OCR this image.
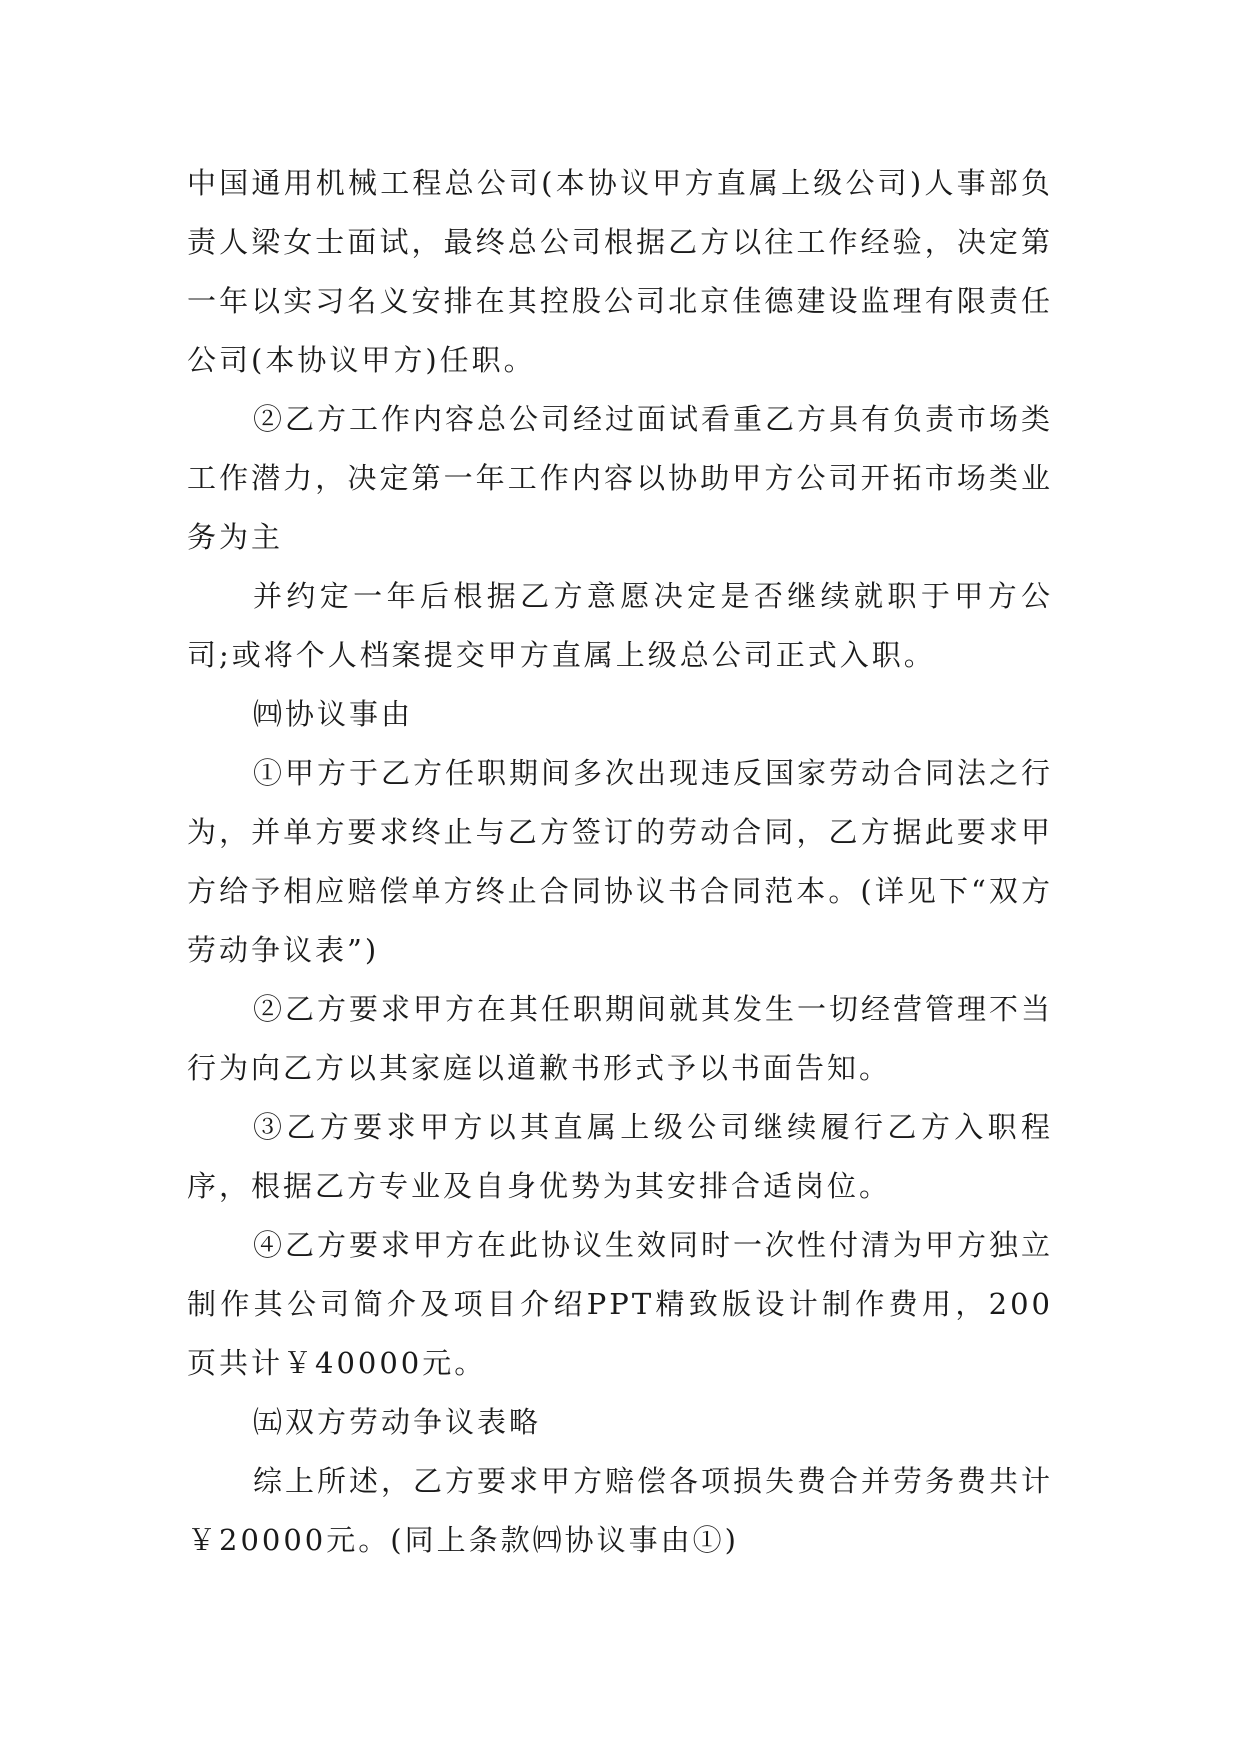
中国通用机械工程总公司(本协议甲方直属上级公司)人事部负责人梁女士面试，最终总公司根据乙方以往工作经验，决定第一年以实习名义安排在其控股公司北京佳德建设监理有限责任公司(本协议甲方)任职。

②乙方工作内容总公司经过面试看重乙方具有负责市场类工作潜力，决定第一年工作内容以协助甲方公司开拓市场类业务为主

并约定一年后根据乙方意愿决定是否继续就职于甲方公司;或将个人档案提交甲方直属上级总公司正式入职。

㈣协议事由

①甲方于乙方任职期间多次出现违反国家劳动合同法之行为，并单方要求终止与乙方签订的劳动合同，乙方据此要求甲方给予相应赔偿单方终止合同协议书合同范本。(详见下“双方劳动争议表”)

②乙方要求甲方在其任职期间就其发生一切经营管理不当行为向乙方以其家庭以道歉书形式予以书面告知。

③乙方要求甲方以其直属上级公司继续履行乙方入职程序，根据乙方专业及自身优势为其安排合适岗位。

④乙方要求甲方在此协议生效同时一次性付清为甲方独立制作其公司简介及项目介绍PPT精致版设计制作费用，200页共计￥40000元。

㈤双方劳动争议表略

综上所述，乙方要求甲方赔偿各项损失费合并劳务费共计￥20000元。(同上条款㈣协议事由①)
